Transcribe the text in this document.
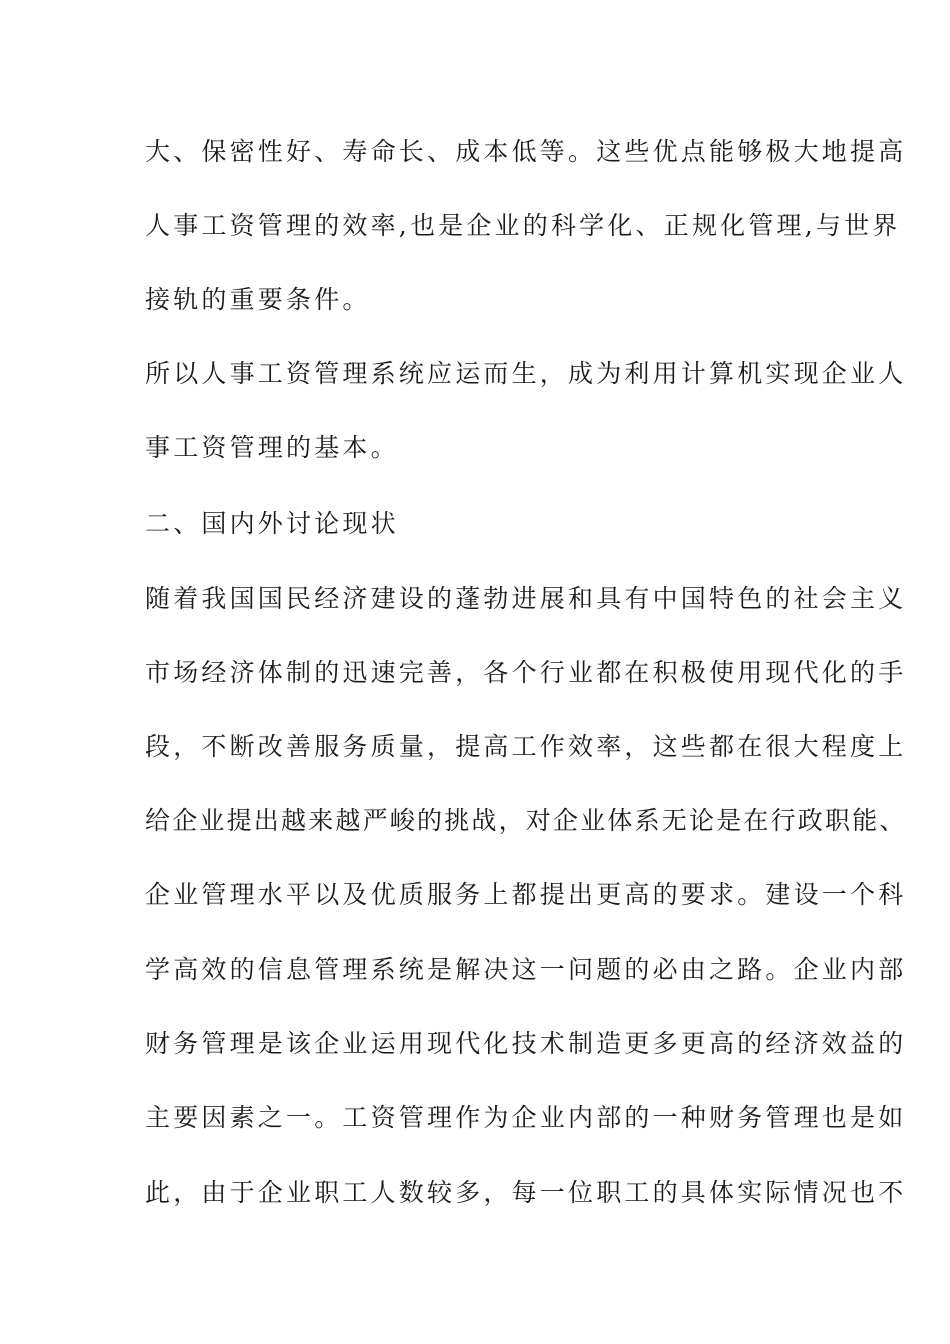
大、保密性好、寿命长、成本低等。这些优点能够极大地提高
人事工资管理的效率,也是企业的科学化、正规化管理,与世界
接轨的重要条件。
所以人事工资管理系统应运而生，成为利用计算机实现企业人
事工资管理的基本。
二、国内外讨论现状
随着我国国民经济建设的蓬勃进展和具有中国特色的社会主义
市场经济体制的迅速完善，各个行业都在积极使用现代化的手
段，不断改善服务质量，提高工作效率，这些都在很大程度上
给企业提出越来越严峻的挑战，对企业体系无论是在行政职能、
企业管理水平以及优质服务上都提出更高的要求。建设一个科
学高效的信息管理系统是解决这一问题的必由之路。企业内部
财务管理是该企业运用现代化技术制造更多更高的经济效益的
主要因素之一。工资管理作为企业内部的一种财务管理也是如
此，由于企业职工人数较多，每一位职工的具体实际情况也不
